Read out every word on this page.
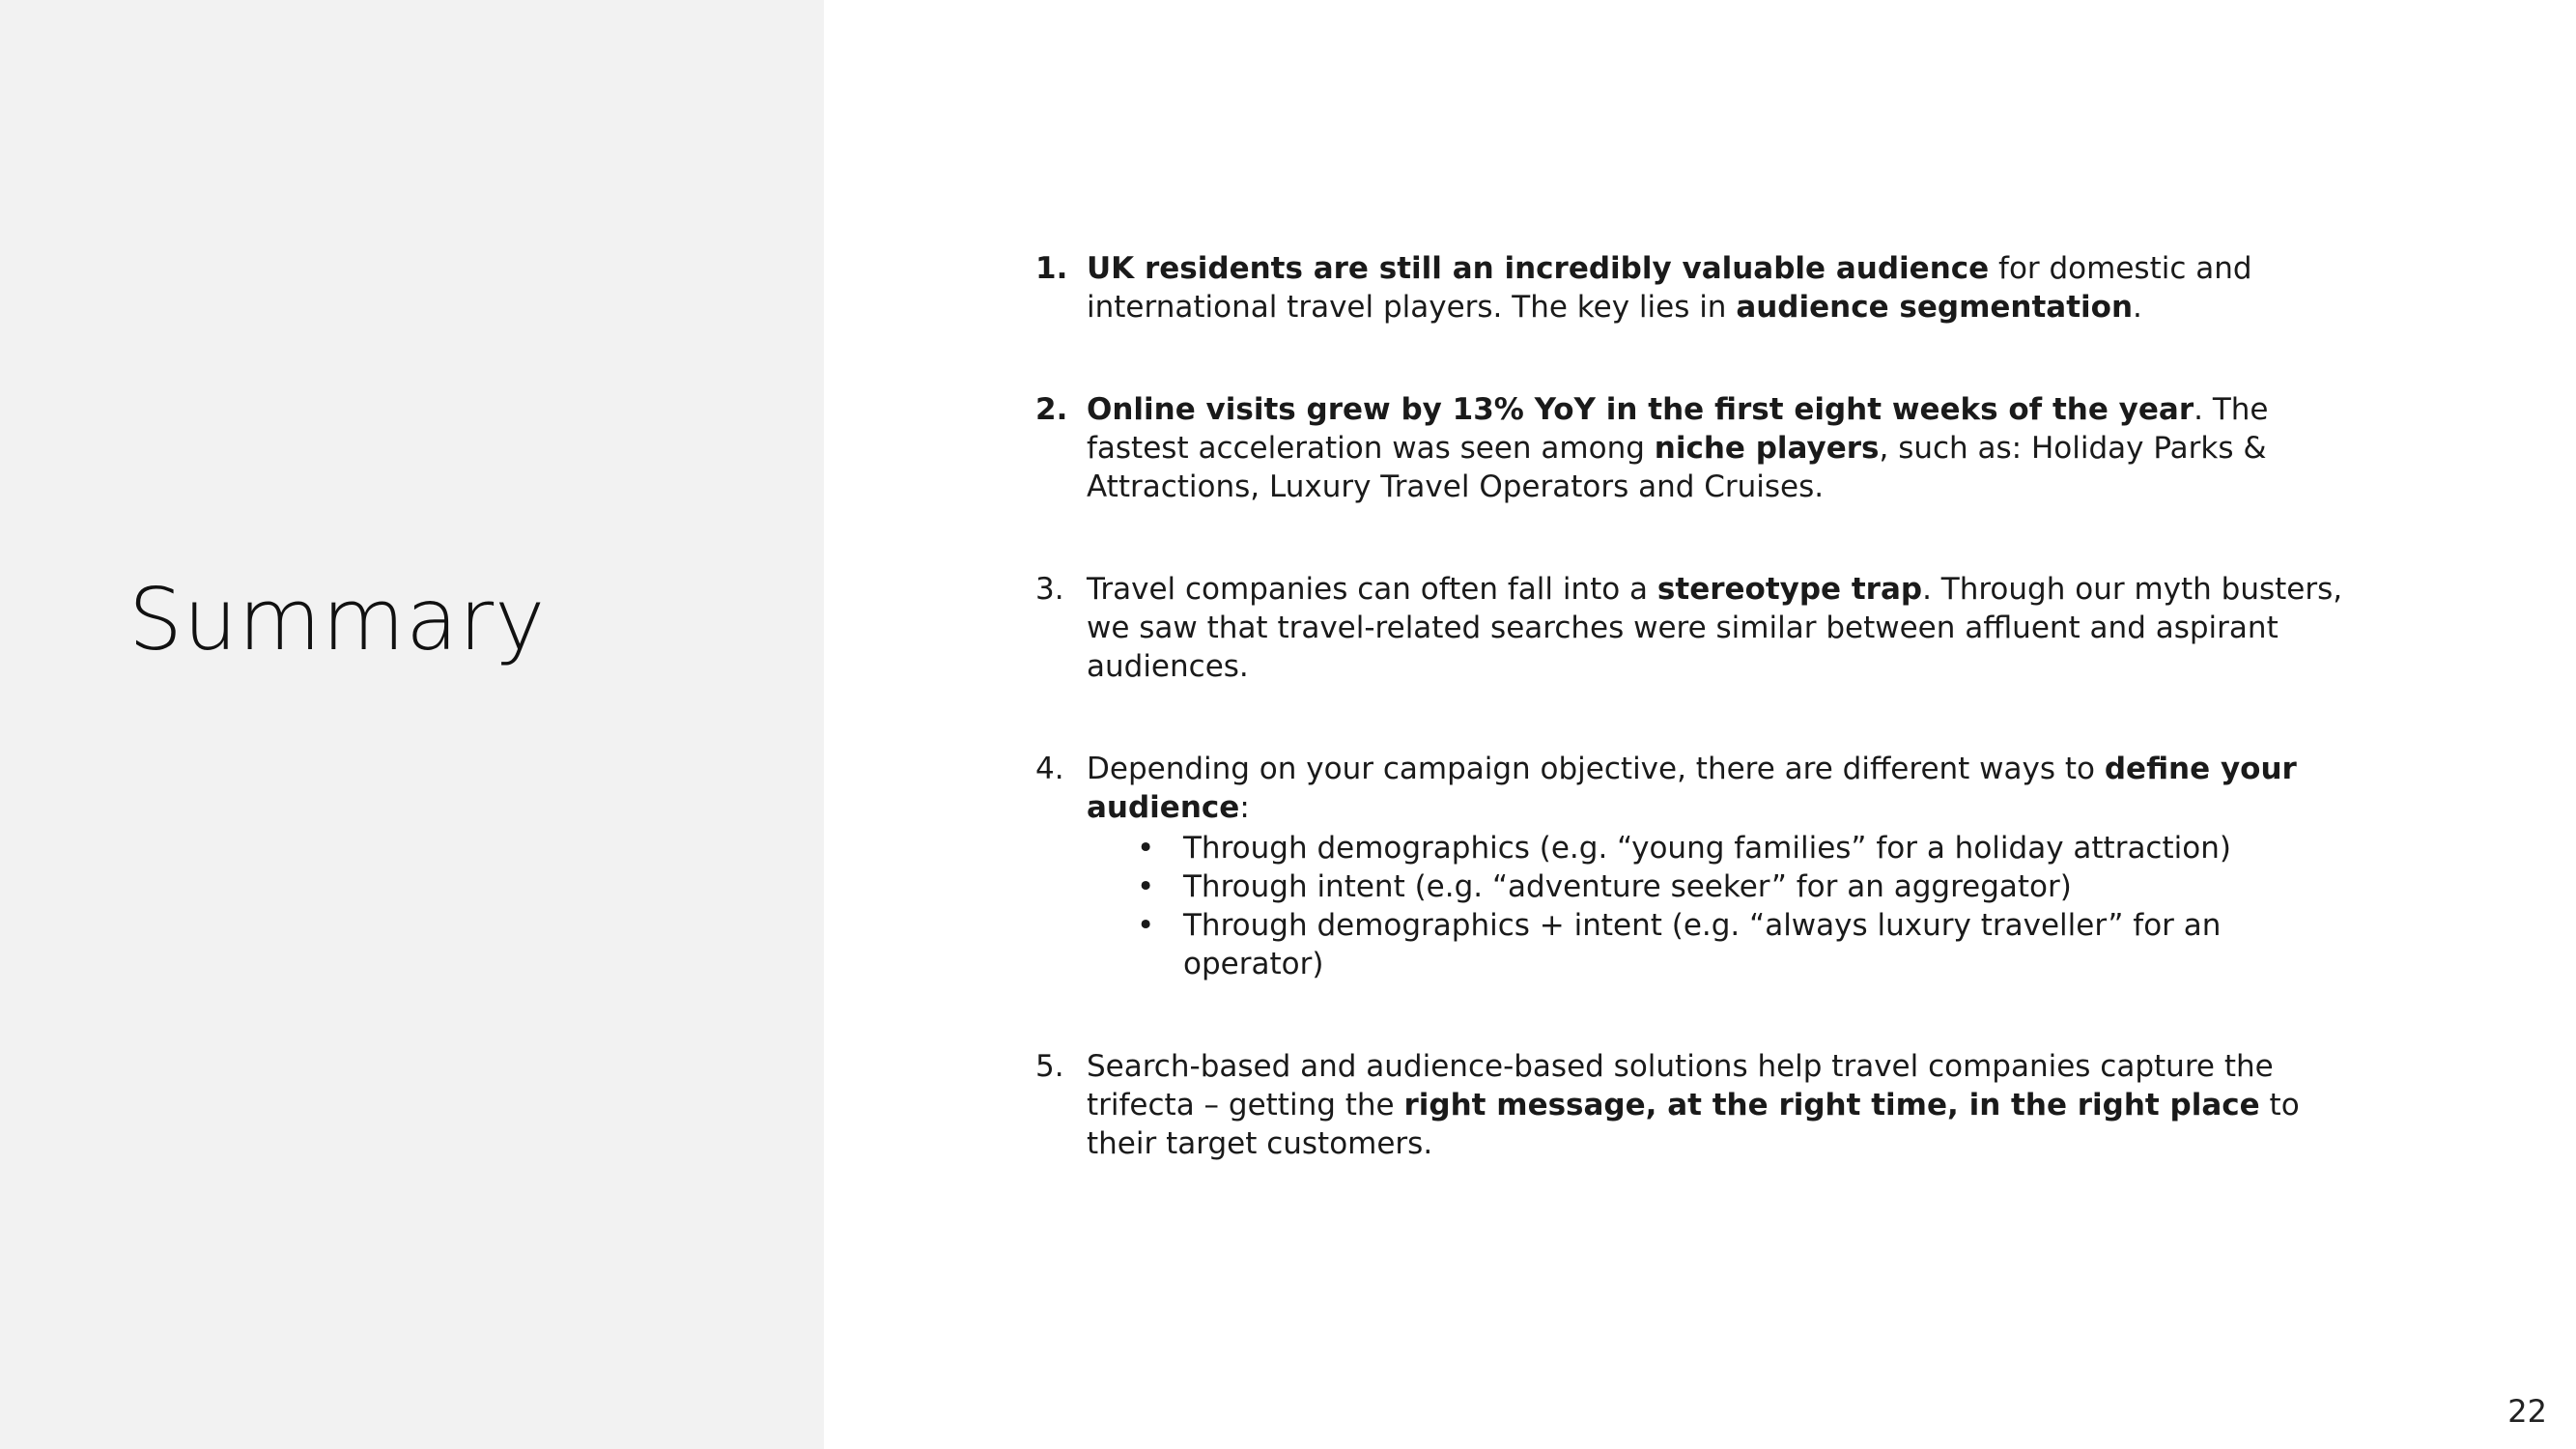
Summary
1. UK residents are still an incredibly valuable audience for domestic and international travel players. The key lies in audience segmentation.
2. Online visits grew by 13% YoY in the first eight weeks of the year. The fastest acceleration was seen among niche players, such as: Holiday Parks & Attractions, Luxury Travel Operators and Cruises.
3. Travel companies can often fall into a stereotype trap. Through our myth busters, we saw that travel-related searches were similar between affluent and aspirant audiences.
4. Depending on your campaign objective, there are different ways to define your audience:
• Through demographics (e.g. “young families” for a holiday attraction)
• Through intent (e.g. “adventure seeker” for an aggregator)
• Through demographics + intent (e.g. “always luxury traveller” for an operator)
5. Search-based and audience-based solutions help travel companies capture the trifecta – getting the right message, at the right time, in the right place to their target customers.
22
